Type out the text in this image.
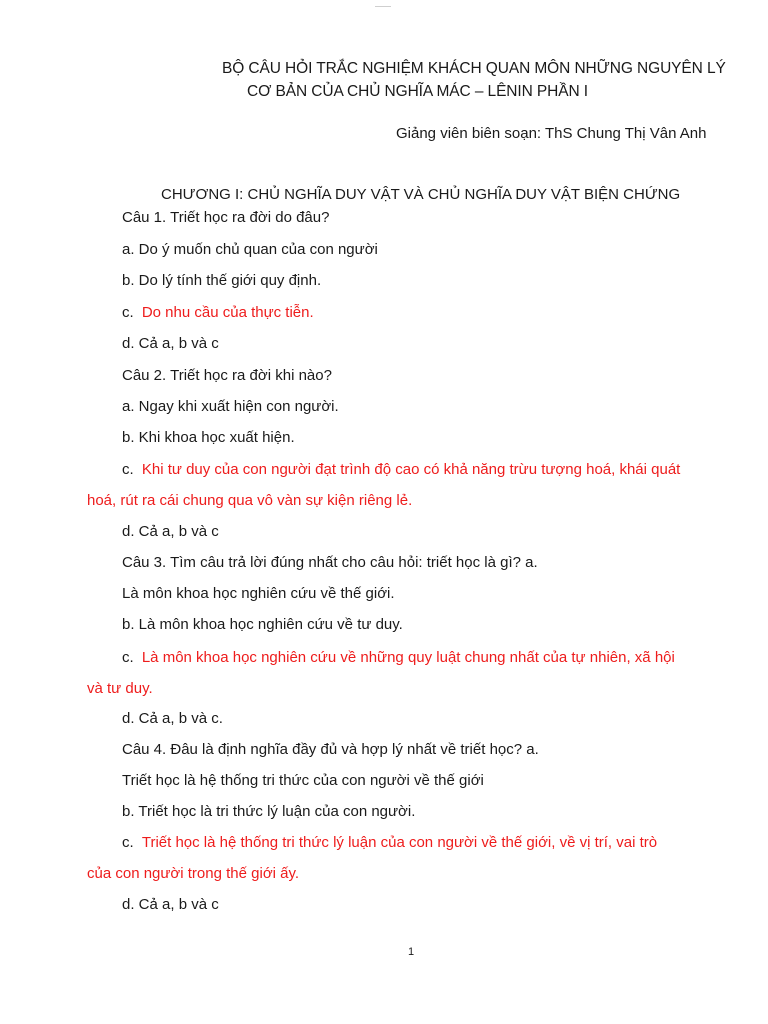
BỘ CÂU HỎI TRẮC NGHIỆM KHÁCH QUAN MÔN NHỮNG NGUYÊN LÝ
CƠ BẢN CỦA CHỦ NGHĨA MÁC – LÊNIN PHẦN I
Giảng viên biên soạn: ThS Chung Thị Vân Anh
CHƯƠNG I: CHỦ NGHĨA DUY VẬT VÀ CHỦ NGHĨA DUY VẬT BIỆN CHỨNG
Câu 1. Triết học ra đời do đâu?
a. Do ý muốn chủ quan của con người
b. Do lý tính thế giới quy định.
c. Do nhu cầu của thực tiễn.
d. Cả a, b và c
Câu 2. Triết học ra đời khi nào?
a. Ngay khi xuất hiện con người.
b. Khi khoa học xuất hiện.
c. Khi tư duy của con người đạt trình độ cao có khả năng trừu tượng hoá, khái quát
hoá, rút ra cái chung qua vô vàn sự kiện riêng lẻ.
d. Cả a, b và c
Câu 3. Tìm câu trả lời đúng nhất cho câu hỏi: triết học là gì? a.
Là môn khoa học nghiên cứu về thế giới.
b. Là môn khoa học nghiên cứu về tư duy.
c. Là môn khoa học nghiên cứu về những quy luật chung nhất của tự nhiên, xã hội
và tư duy.
d. Cả a, b và c.
Câu 4. Đâu là định nghĩa đầy đủ và hợp lý nhất về triết học? a.
Triết học là hệ thống tri thức của con người về thế giới
b. Triết học là tri thức lý luận của con người.
c. Triết học là hệ thống tri thức lý luận của con người về thế giới, về vị trí, vai trò
của con người trong thế giới ấy.
d. Cả a, b và c
1
